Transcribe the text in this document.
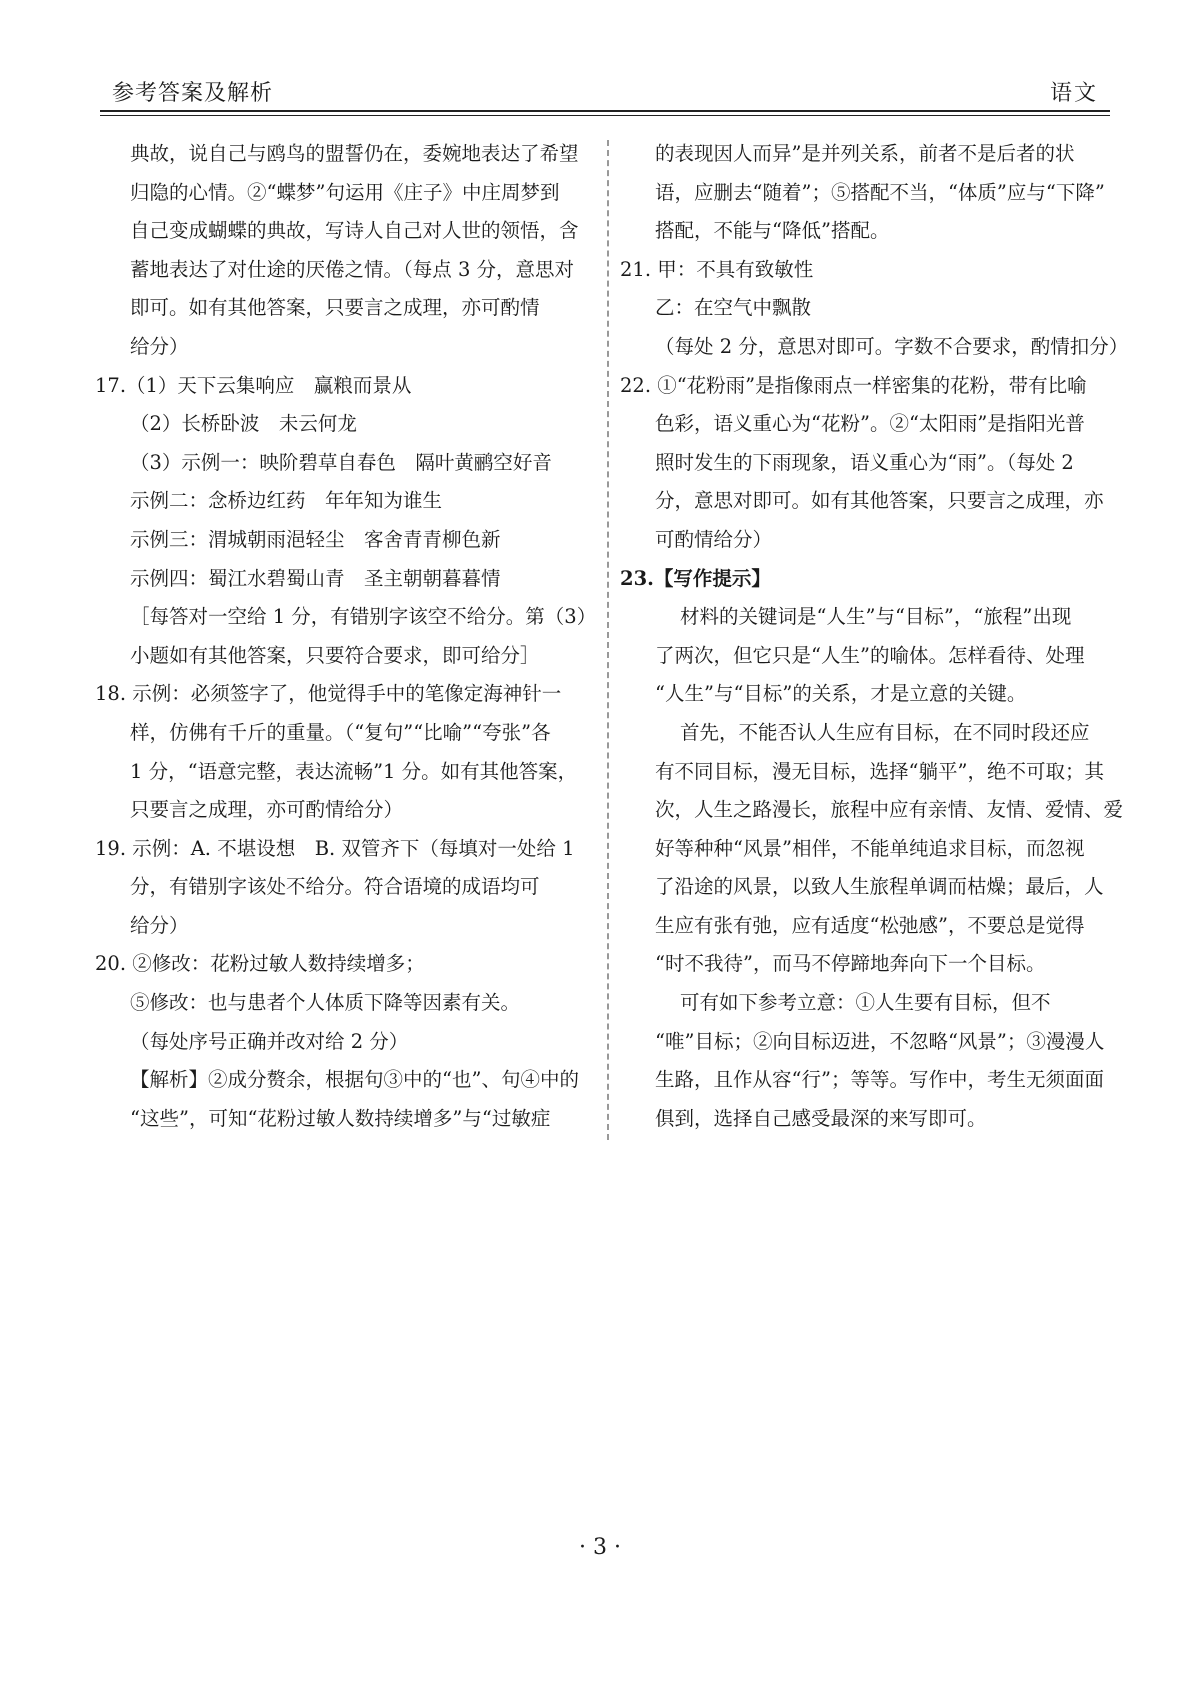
参考答案及解析	语文
典故，说自己与鸥鸟的盟誓仍在，委婉地表达了希望
归隐的心情。②“蝶梦”句运用《庄子》中庄周梦到
自己变成蝴蝶的典故，写诗人自己对人世的领悟，含
蓄地表达了对仕途的厌倦之情。（每点 3 分，意思对
即可。如有其他答案，只要言之成理，亦可酌情
给分）
17.（1）天下云集响应　赢粮而景从
（2）长桥卧波　未云何龙
（3）示例一：映阶碧草自春色　隔叶黄鹂空好音
示例二：念桥边红药　年年知为谁生
示例三：渭城朝雨浥轻尘　客舍青青柳色新
示例四：蜀江水碧蜀山青　圣主朝朝暮暮情
［每答对一空给 1 分，有错别字该空不给分。第（3）
小题如有其他答案，只要符合要求，即可给分］
18. 示例：必须签字了，他觉得手中的笔像定海神针一
样，仿佛有千斤的重量。（“复句”“比喻”“夸张”各
1 分，“语意完整，表达流畅”1 分。如有其他答案，
只要言之成理，亦可酌情给分）
19. 示例：A. 不堪设想　B. 双管齐下（每填对一处给 1
分，有错别字该处不给分。符合语境的成语均可
给分）
20. ②修改：花粉过敏人数持续增多；
⑤修改：也与患者个人体质下降等因素有关。
（每处序号正确并改对给 2 分）
【解析】②成分赘余，根据句③中的“也”、句④中的
“这些”，可知“花粉过敏人数持续增多”与“过敏症
的表现因人而异”是并列关系，前者不是后者的状
语，应删去“随着”；⑤搭配不当，“体质”应与“下降”
搭配，不能与“降低”搭配。
21. 甲：不具有致敏性
乙：在空气中飘散
（每处 2 分，意思对即可。字数不合要求，酌情扣分）
22. ①“花粉雨”是指像雨点一样密集的花粉，带有比喻
色彩，语义重心为“花粉”。②“太阳雨”是指阳光普
照时发生的下雨现象，语义重心为“雨”。（每处 2
分，意思对即可。如有其他答案，只要言之成理，亦
可酌情给分）
23.【写作提示】
材料的关键词是“人生”与“目标”，“旅程”出现
了两次，但它只是“人生”的喻体。怎样看待、处理
“人生”与“目标”的关系，才是立意的关键。
首先，不能否认人生应有目标，在不同时段还应
有不同目标，漫无目标，选择“躺平”，绝不可取；其
次，人生之路漫长，旅程中应有亲情、友情、爱情、爱
好等种种“风景”相伴，不能单纯追求目标，而忽视
了沿途的风景，以致人生旅程单调而枯燥；最后，人
生应有张有弛，应有适度“松弛感”，不要总是觉得
“时不我待”，而马不停蹄地奔向下一个目标。
可有如下参考立意：①人生要有目标，但不
“唯”目标；②向目标迈进，不忽略“风景”；③漫漫人
生路，且作从容“行”；等等。写作中，考生无须面面
俱到，选择自己感受最深的来写即可。
· 3 ·
